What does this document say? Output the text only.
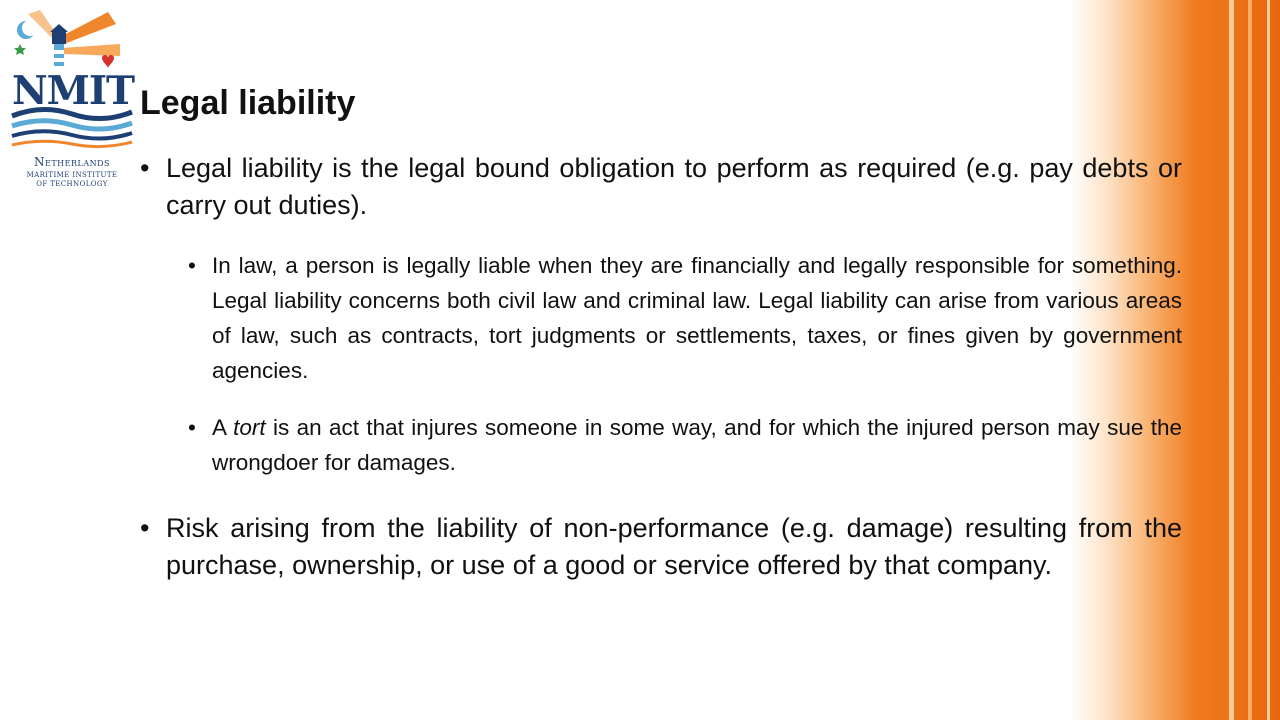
NMIT
Netherlands
MARITIME INSTITUTE
OF TECHNOLOGY
Legal liability
• Legal liability is the legal bound obligation to perform as required (e.g. pay debts or carry out duties).
• In law, a person is legally liable when they are financially and legally responsible for something. Legal liability concerns both civil law and criminal law. Legal liability can arise from various areas of law, such as contracts, tort judgments or settlements, taxes, or fines given by government agencies.
• A tort is an act that injures someone in some way, and for which the injured person may sue the wrongdoer for damages.
• Risk arising from the liability of non-performance (e.g. damage) resulting from the purchase, ownership, or use of a good or service offered by that company.
